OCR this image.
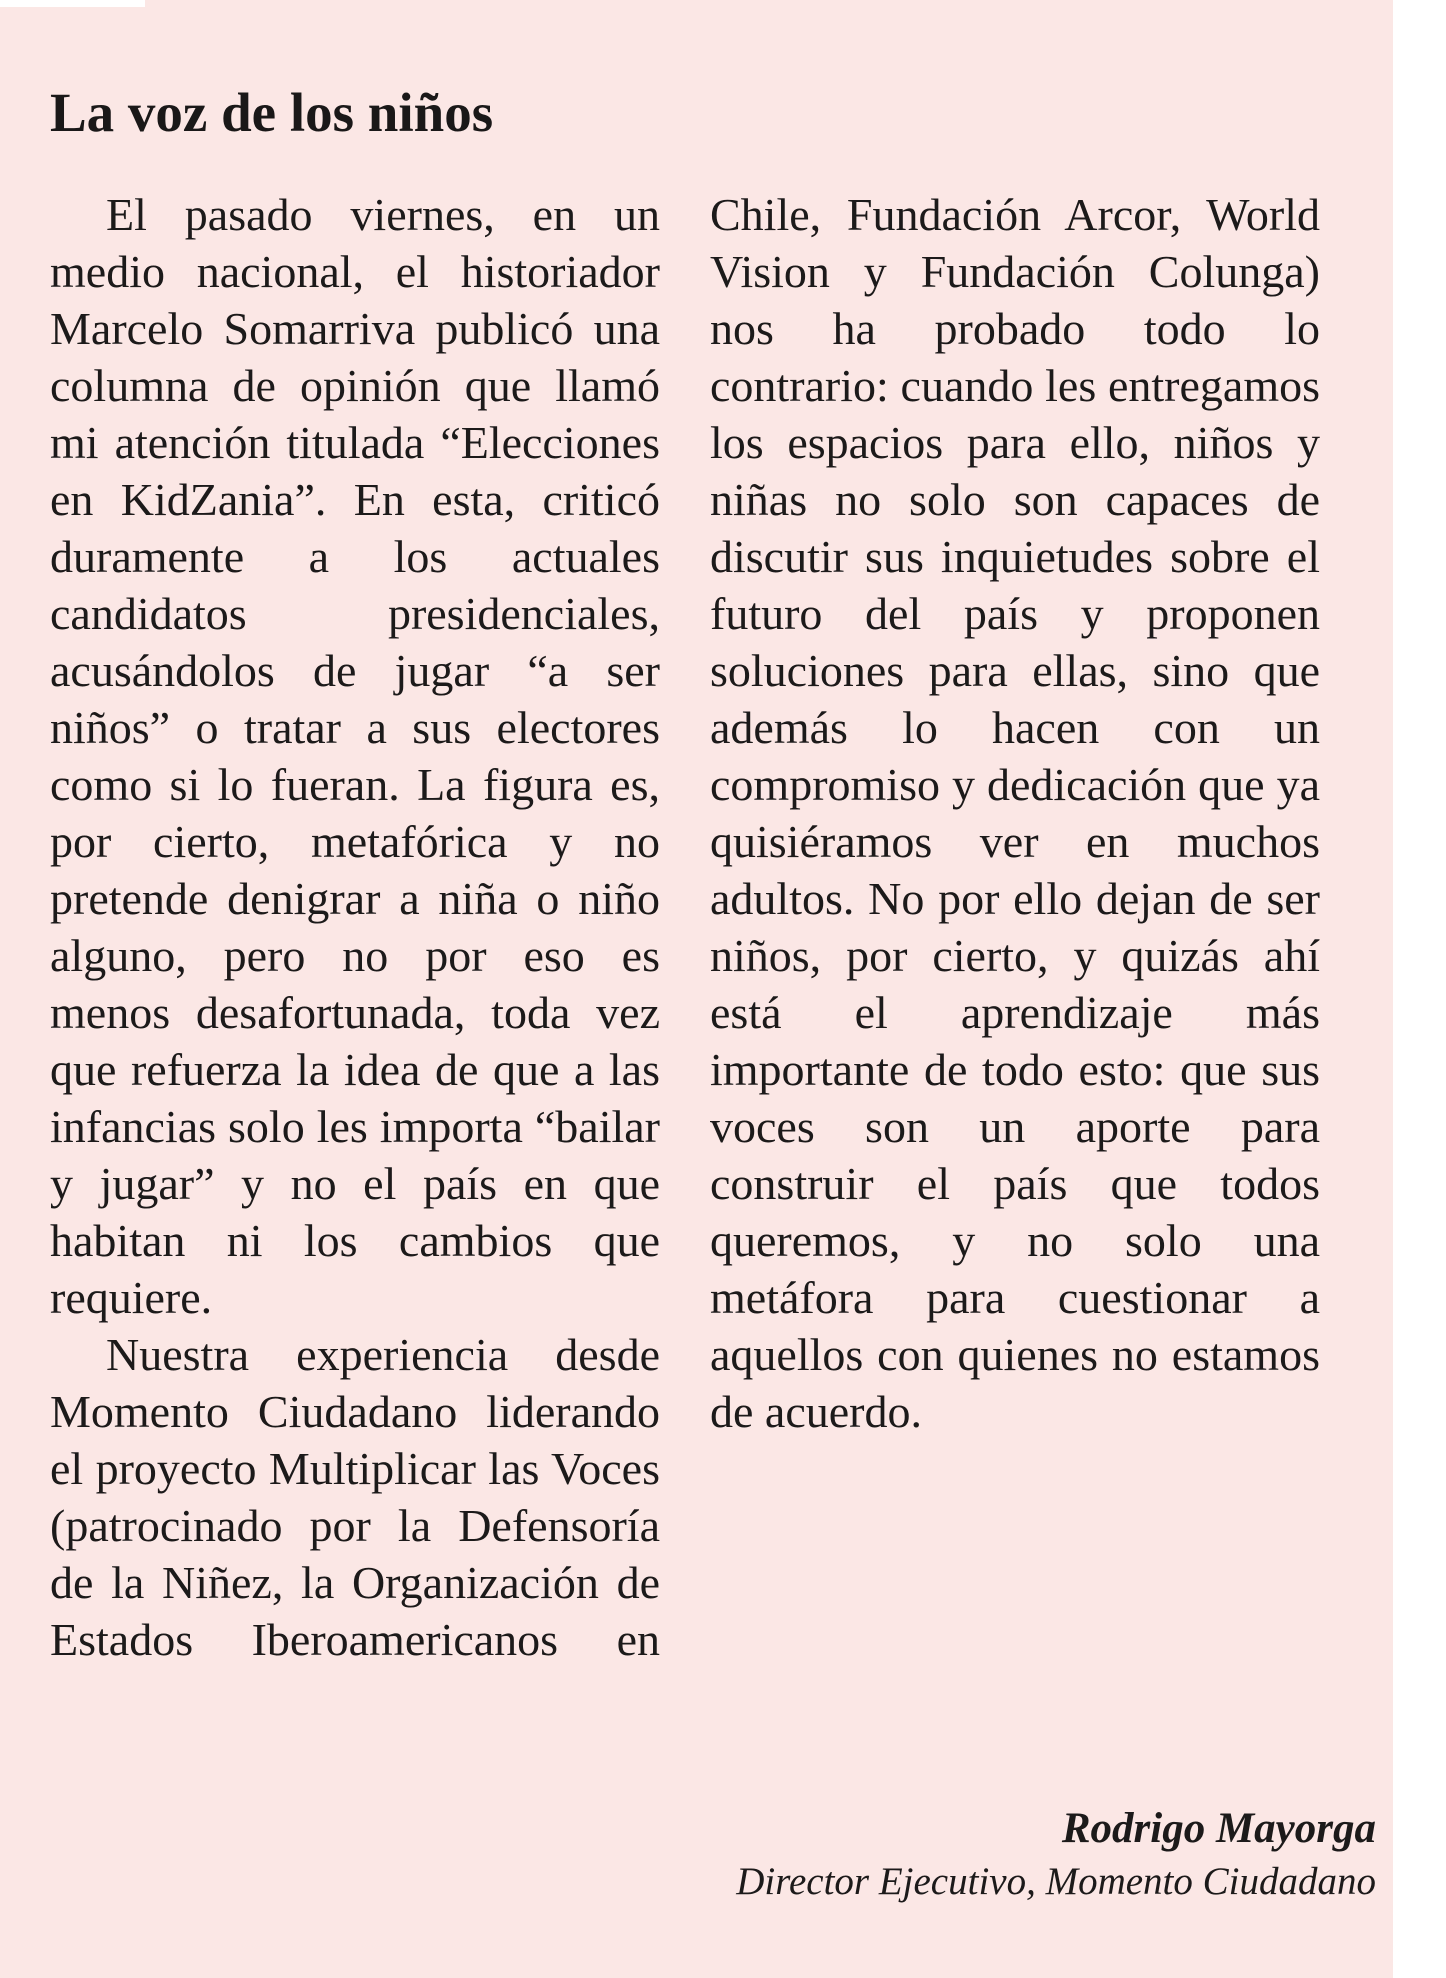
La voz de los niños

El pasado viernes, en un medio nacional, el historiador Marcelo Somarriva publicó una columna de opinión que llamó mi atención titulada “Elecciones en KidZania”. En esta, criticó duramente a los actuales candidatos presidenciales, acusándolos de jugar “a ser niños” o tratar a sus electores como si lo fueran. La figura es, por cierto, metafórica y no pretende denigrar a niña o niño alguno, pero no por eso es menos desafortunada, toda vez que refuerza la idea de que a las infancias solo les importa “bailar y jugar” y no el país en que habitan ni los cambios que requiere.

Nuestra experiencia desde Momento Ciudadano liderando el proyecto Multiplicar las Voces (patrocinado por la Defensoría de la Niñez, la Organización de Estados Iberoamericanos en Chile, Fundación Arcor, World Vision y Fundación Colunga) nos ha probado todo lo contrario: cuando les entregamos los espacios para ello, niños y niñas no solo son capaces de discutir sus inquietudes sobre el futuro del país y proponen soluciones para ellas, sino que además lo hacen con un compromiso y dedicación que ya quisiéramos ver en muchos adultos. No por ello dejan de ser niños, por cierto, y quizás ahí está el aprendizaje más importante de todo esto: que sus voces son un aporte para construir el país que todos queremos, y no solo una metáfora para cuestionar a aquellos con quienes no estamos de acuerdo.

Rodrigo Mayorga
Director Ejecutivo, Momento Ciudadano
